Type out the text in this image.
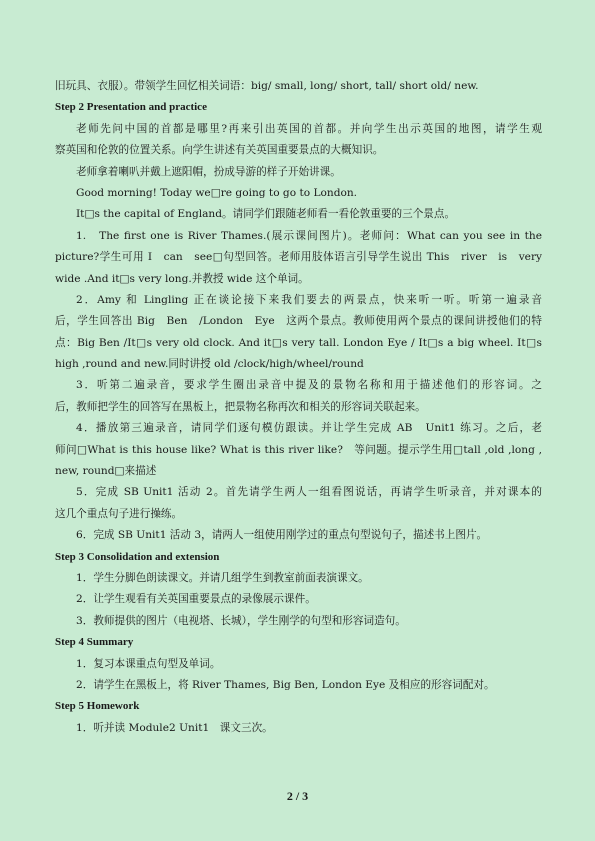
旧玩具、衣服）。带领学生回忆相关词语：big/ small, long/ short, tall/ short old/ new.
Step 2 Presentation and practice
老师先问中国的首都是哪里?再来引出英国的首都。并向学生出示英国的地图，请学生观
察英国和伦敦的位置关系。向学生讲述有关英国重要景点的大概知识。
老师拿着喇叭并戴上遮阳帽，扮成导游的样子开始讲课。
Good morning! Today we□re going to go to London.
It□s the capital of England。请同学们跟随老师看一看伦敦重要的三个景点。
1.　The first one is River Thames.(展示课间图片)。老师问：What can you see in the
picture?学生可用 I　can　see□句型回答。老师用肢体语言引导学生说出 This　river　is　very
wide .And it□s very long.并教授 wide 这个单词。
2．Amy 和 Lingling 正在谈论接下来我们要去的两景点，快来听一听。听第一遍录音
后，学生回答出 Big　Ben　/London　Eye　这两个景点。教师使用两个景点的课间讲授他们的特
点：Big Ben /It□s very old clock. And it□s very tall. London Eye / It□s a big wheel. It□s
high ,round and new.同时讲授 old /clock/high/wheel/round
3．听第二遍录音，要求学生圈出录音中提及的景物名称和用于描述他们的形容词。之
后，教师把学生的回答写在黑板上，把景物名称再次和相关的形容词关联起来。
4．播放第三遍录音，请同学们逐句模仿跟读。并让学生完成 AB　Unit1 练习。之后，老
师问□What is this house like? What is this river like?　等问题。提示学生用□tall ,old ,long ,
new, round□来描述
5．完成 SB Unit1 活动 2。首先请学生两人一组看图说话，再请学生听录音，并对课本的
这几个重点句子进行操练。
6．完成 SB Unit1 活动 3，请两人一组使用刚学过的重点句型说句子，描述书上图片。
Step 3 Consolidation and extension
1．学生分脚色朗读课文。并请几组学生到教室前面表演课文。
2．让学生观看有关英国重要景点的录像展示课件。
3．教师提供的图片（电视塔、长城），学生刚学的句型和形容词造句。
Step 4 Summary
1．复习本课重点句型及单词。
2．请学生在黑板上，将 River Thames, Big Ben, London Eye 及相应的形容词配对。
Step 5 Homework
1．听并读 Module2 Unit1　课文三次。
2 / 3
